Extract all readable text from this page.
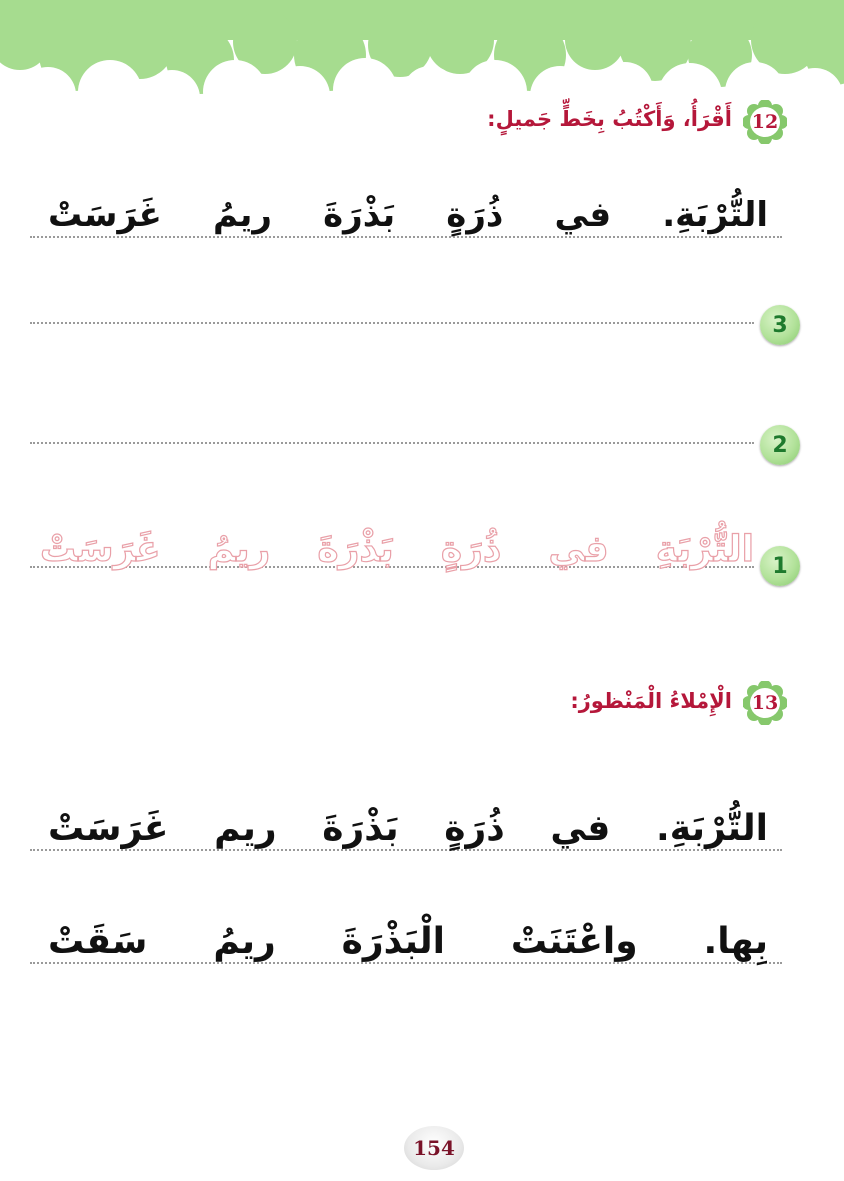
12
أَقْرَأُ، وَأَكْتُبُ بِخَطٍّ جَميلٍ:
غَرَسَتْ ريمُ بَذْرَةَ ذُرَةٍ في التُّرْبَةِ.
3
2
غَرَسَتْ ريمُ بَذْرَةَ ذُرَةٍ في التُّرْبَةِ 1
13
الْإِمْلاءُ الْمَنْظورُ:
غَرَسَتْ ريم بَذْرَةَ ذُرَةٍ في التُّرْبَةِ.
سَقَتْ ريمُ الْبَذْرَةَ واعْتَنَتْ بِها.
154
